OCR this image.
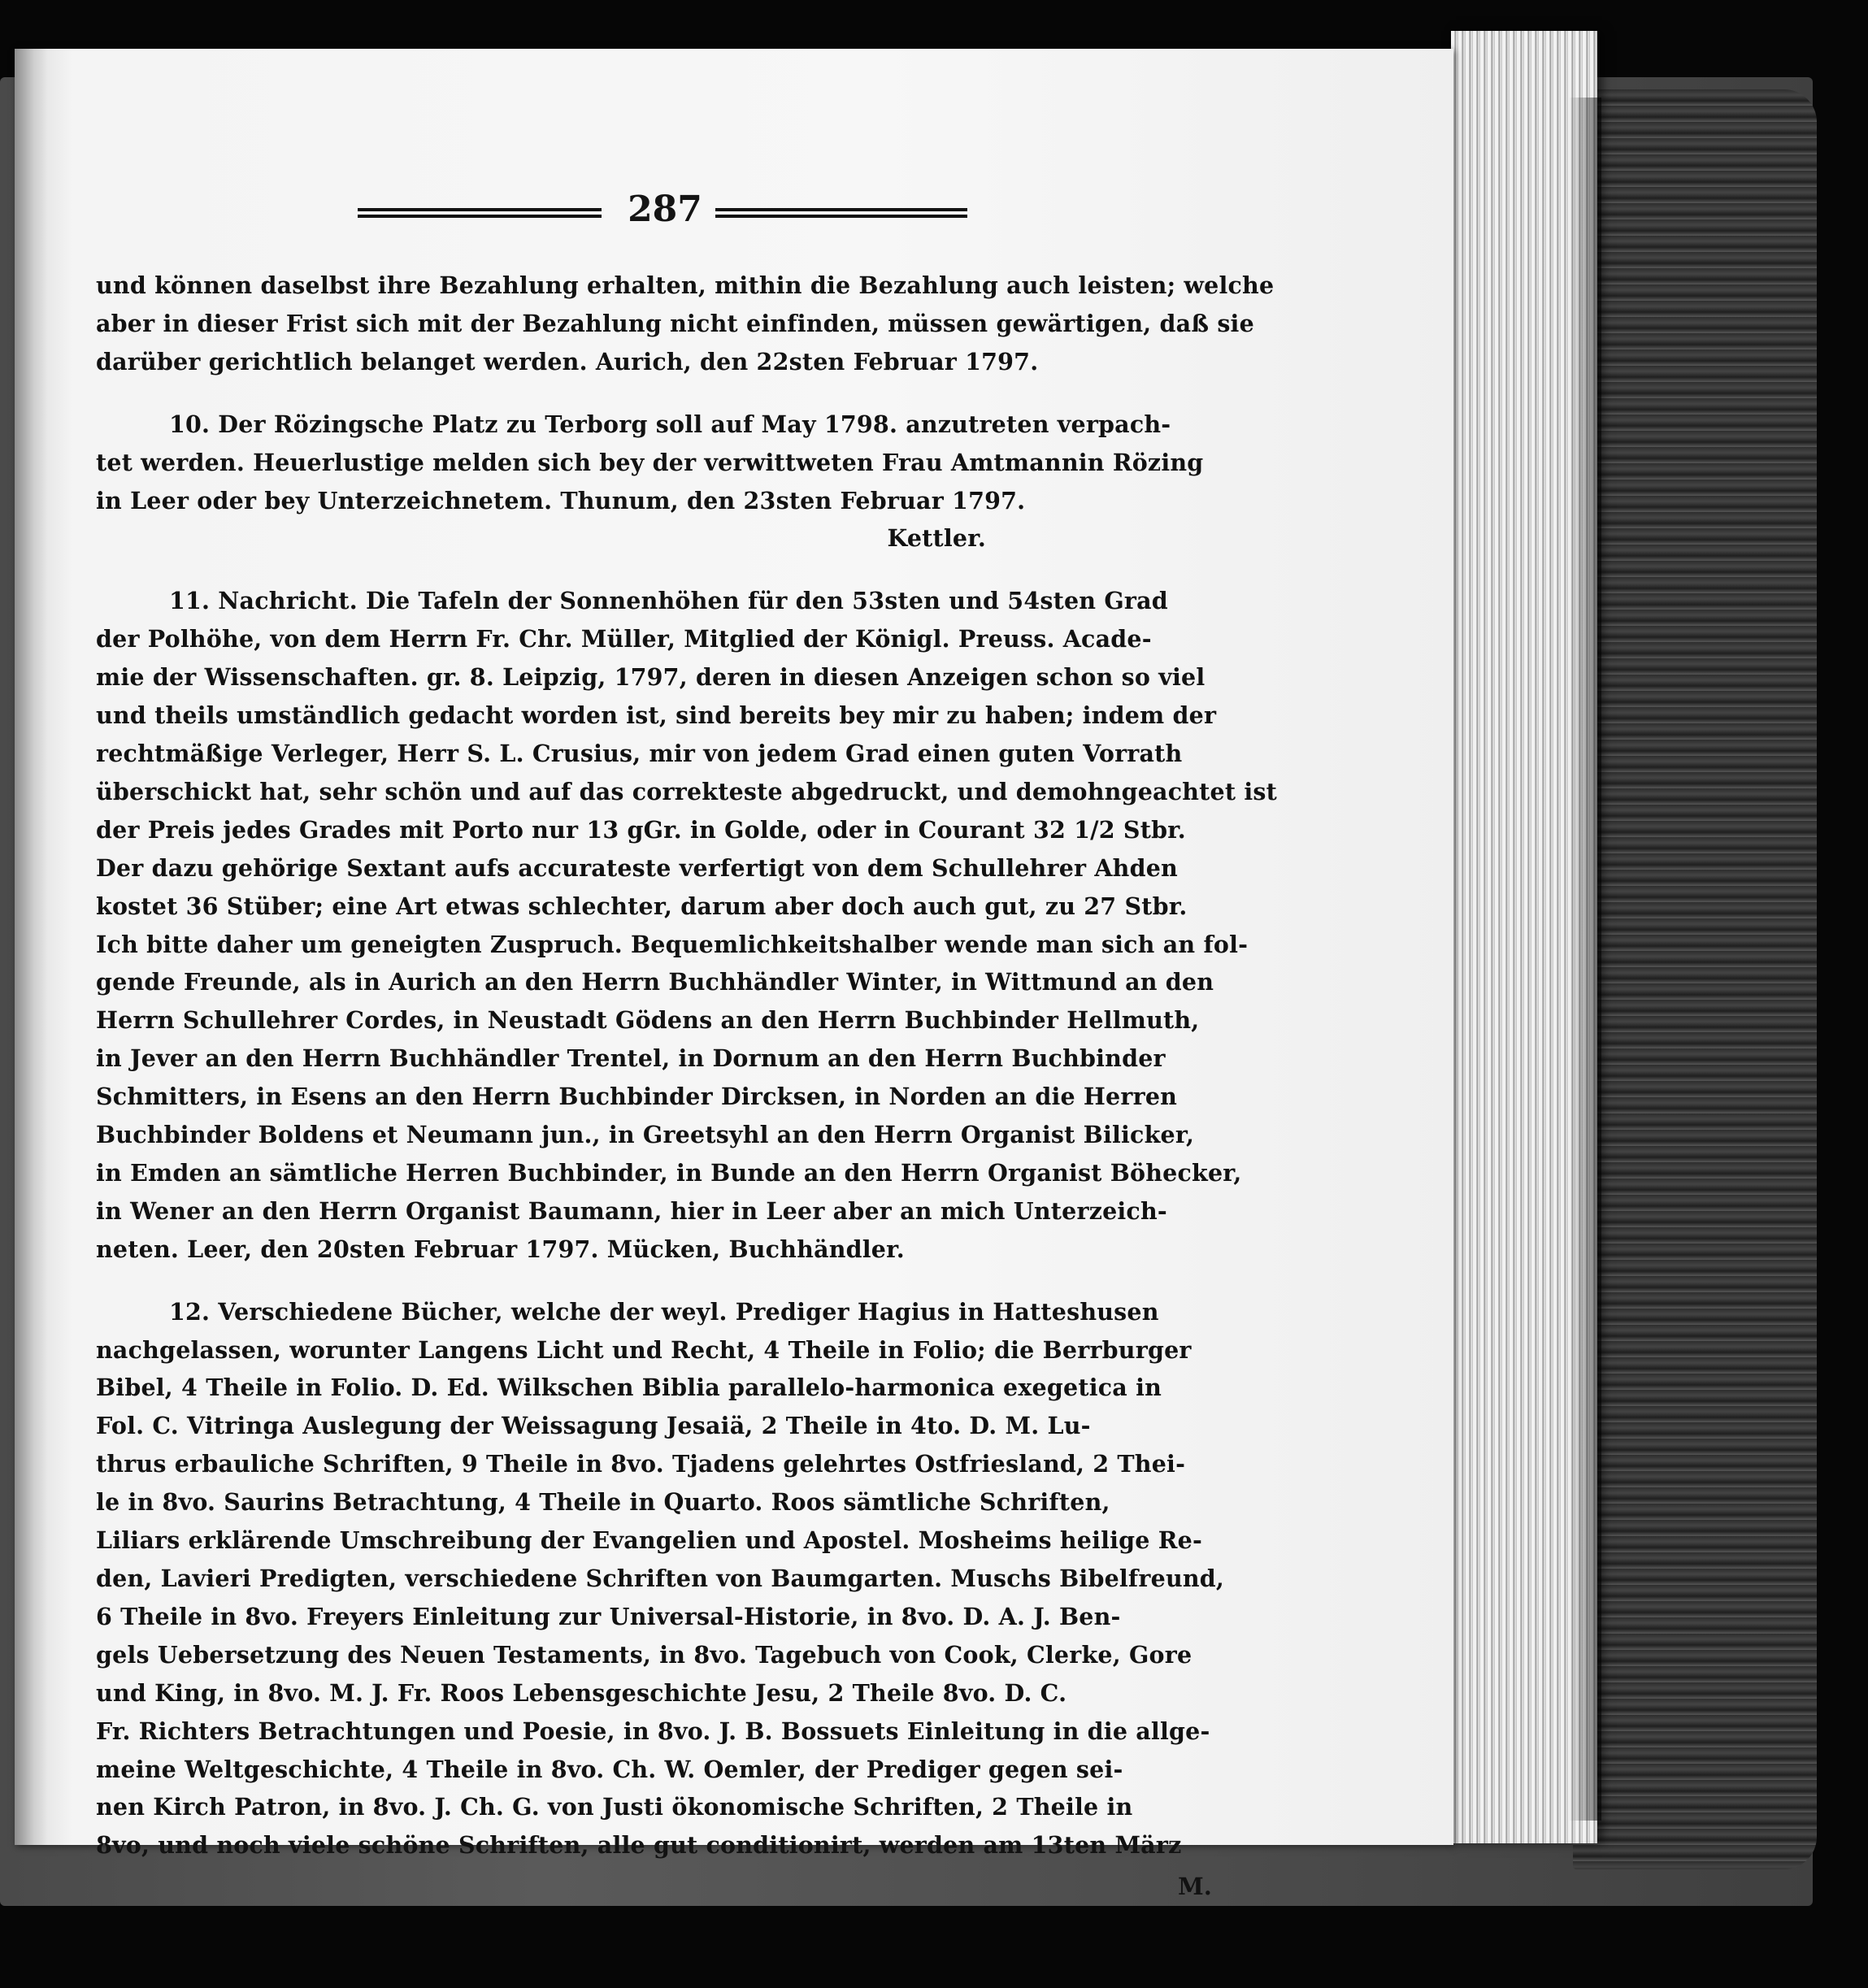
287

und können daselbst ihre Bezahlung erhalten, mithin die Bezahlung auch leisten; welche
aber in dieser Frist sich mit der Bezahlung nicht einfinden, müssen gewärtigen, daß sie
darüber gerichtlich belanget werden. Aurich, den 22sten Februar 1797.

10. Der Rözingsche Platz zu Terborg soll auf May 1798. anzutreten verpach-
tet werden. Heuerlustige melden sich bey der verwittweten Frau Amtmannin Rözing
in Leer oder bey Unterzeichnetem. Thunum, den 23sten Februar 1797.
Kettler.

11. Nachricht. Die Tafeln der Sonnenhöhen für den 53sten und 54sten Grad
der Polhöhe, von dem Herrn Fr. Chr. Müller, Mitglied der Königl. Preuss. Acade-
mie der Wissenschaften. gr. 8. Leipzig, 1797, deren in diesen Anzeigen schon so viel
und theils umständlich gedacht worden ist, sind bereits bey mir zu haben; indem der
rechtmäßige Verleger, Herr S. L. Crusius, mir von jedem Grad einen guten Vorrath
überschickt hat, sehr schön und auf das correkteste abgedruckt, und demohngeachtet ist
der Preis jedes Grades mit Porto nur 13 gGr. in Golde, oder in Courant 32 1/2 Stbr.
Der dazu gehörige Sextant aufs accurateste verfertigt von dem Schullehrer Ahden
kostet 36 Stüber; eine Art etwas schlechter, darum aber doch auch gut, zu 27 Stbr.
Ich bitte daher um geneigten Zuspruch. Bequemlichkeitshalber wende man sich an fol-
gende Freunde, als in Aurich an den Herrn Buchhändler Winter, in Wittmund an den
Herrn Schullehrer Cordes, in Neustadt Gödens an den Herrn Buchbinder Hellmuth,
in Jever an den Herrn Buchhändler Trentel, in Dornum an den Herrn Buchbinder
Schmitters, in Esens an den Herrn Buchbinder Dircksen, in Norden an die Herren
Buchbinder Boldens et Neumann jun., in Greetsyhl an den Herrn Organist Bilicker,
in Emden an sämtliche Herren Buchbinder, in Bunde an den Herrn Organist Böhecker,
in Wener an den Herrn Organist Baumann, hier in Leer aber an mich Unterzeich-
neten. Leer, den 20sten Februar 1797. Mücken, Buchhändler.

12. Verschiedene Bücher, welche der weyl. Prediger Hagius in Hatteshusen
nachgelassen, worunter Langens Licht und Recht, 4 Theile in Folio; die Berrburger
Bibel, 4 Theile in Folio. D. Ed. Wilkschen Biblia parallelo-harmonica exegetica in
Fol. C. Vitringa Auslegung der Weissagung Jesaiä, 2 Theile in 4to. D. M. Lu-
thrus erbauliche Schriften, 9 Theile in 8vo. Tjadens gelehrtes Ostfriesland, 2 Thei-
le in 8vo. Saurins Betrachtung, 4 Theile in Quarto. Roos sämtliche Schriften,
Liliars erklärende Umschreibung der Evangelien und Apostel. Mosheims heilige Re-
den, Lavieri Predigten, verschiedene Schriften von Baumgarten. Muschs Bibelfreund,
6 Theile in 8vo. Freyers Einleitung zur Universal-Historie, in 8vo. D. A. J. Ben-
gels Uebersetzung des Neuen Testaments, in 8vo. Tagebuch von Cook, Clerke, Gore
und King, in 8vo. M. J. Fr. Roos Lebensgeschichte Jesu, 2 Theile 8vo. D. C.
Fr. Richters Betrachtungen und Poesie, in 8vo. J. B. Bossuets Einleitung in die allge-
meine Weltgeschichte, 4 Theile in 8vo. Ch. W. Oemler, der Prediger gegen sei-
nen Kirch Patron, in 8vo. J. Ch. G. von Justi ökonomische Schriften, 2 Theile in
8vo, und noch viele schöne Schriften, alle gut conditionirt, werden am 13ten März
M.
